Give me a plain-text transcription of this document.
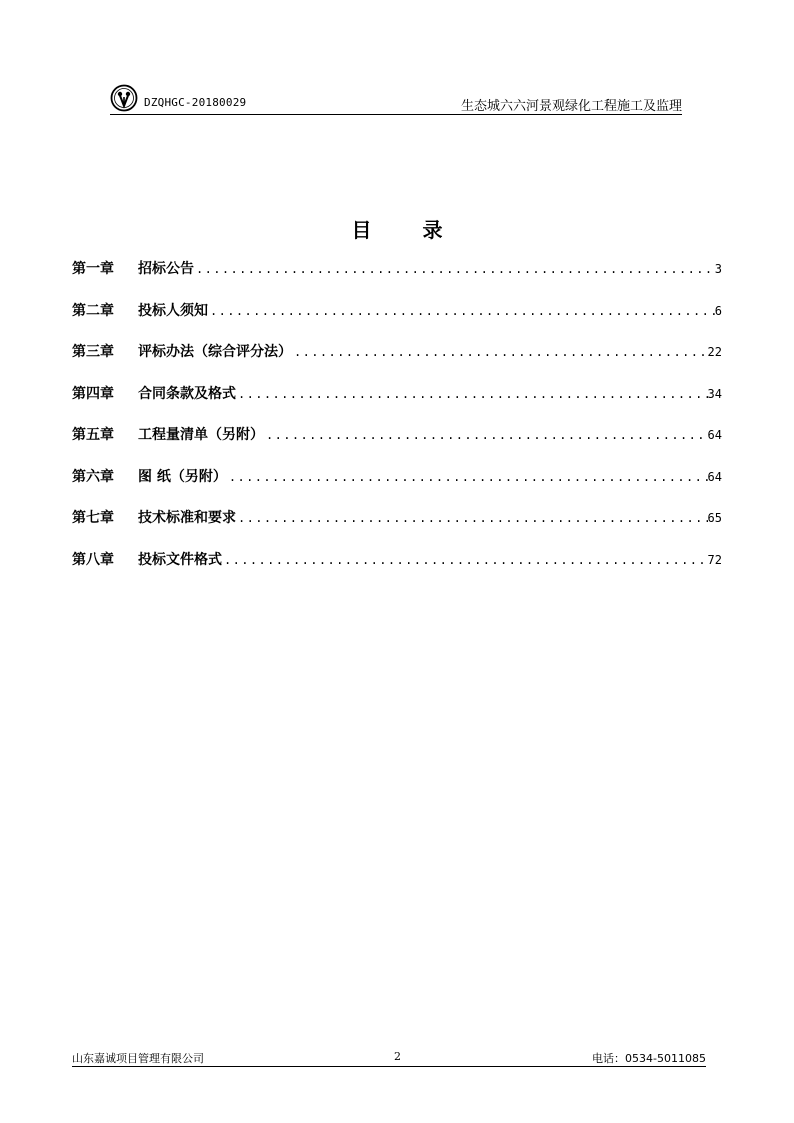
DZQHGC-20180029	生态城六六河景观绿化工程施工及监理
目 录
第一章	招标公告 .....	3
第二章	投标人须知 .....	6
第三章	评标办法（综合评分法） .....	22
第四章	合同条款及格式 .....	34
第五章	工程量清单（另附） .....	64
第六章	图 纸（另附） .....	64
第七章	技术标准和要求 .....	65
第八章	投标文件格式 .....	72
山东嘉诚项目管理有限公司	2	电话：0534-5011085
